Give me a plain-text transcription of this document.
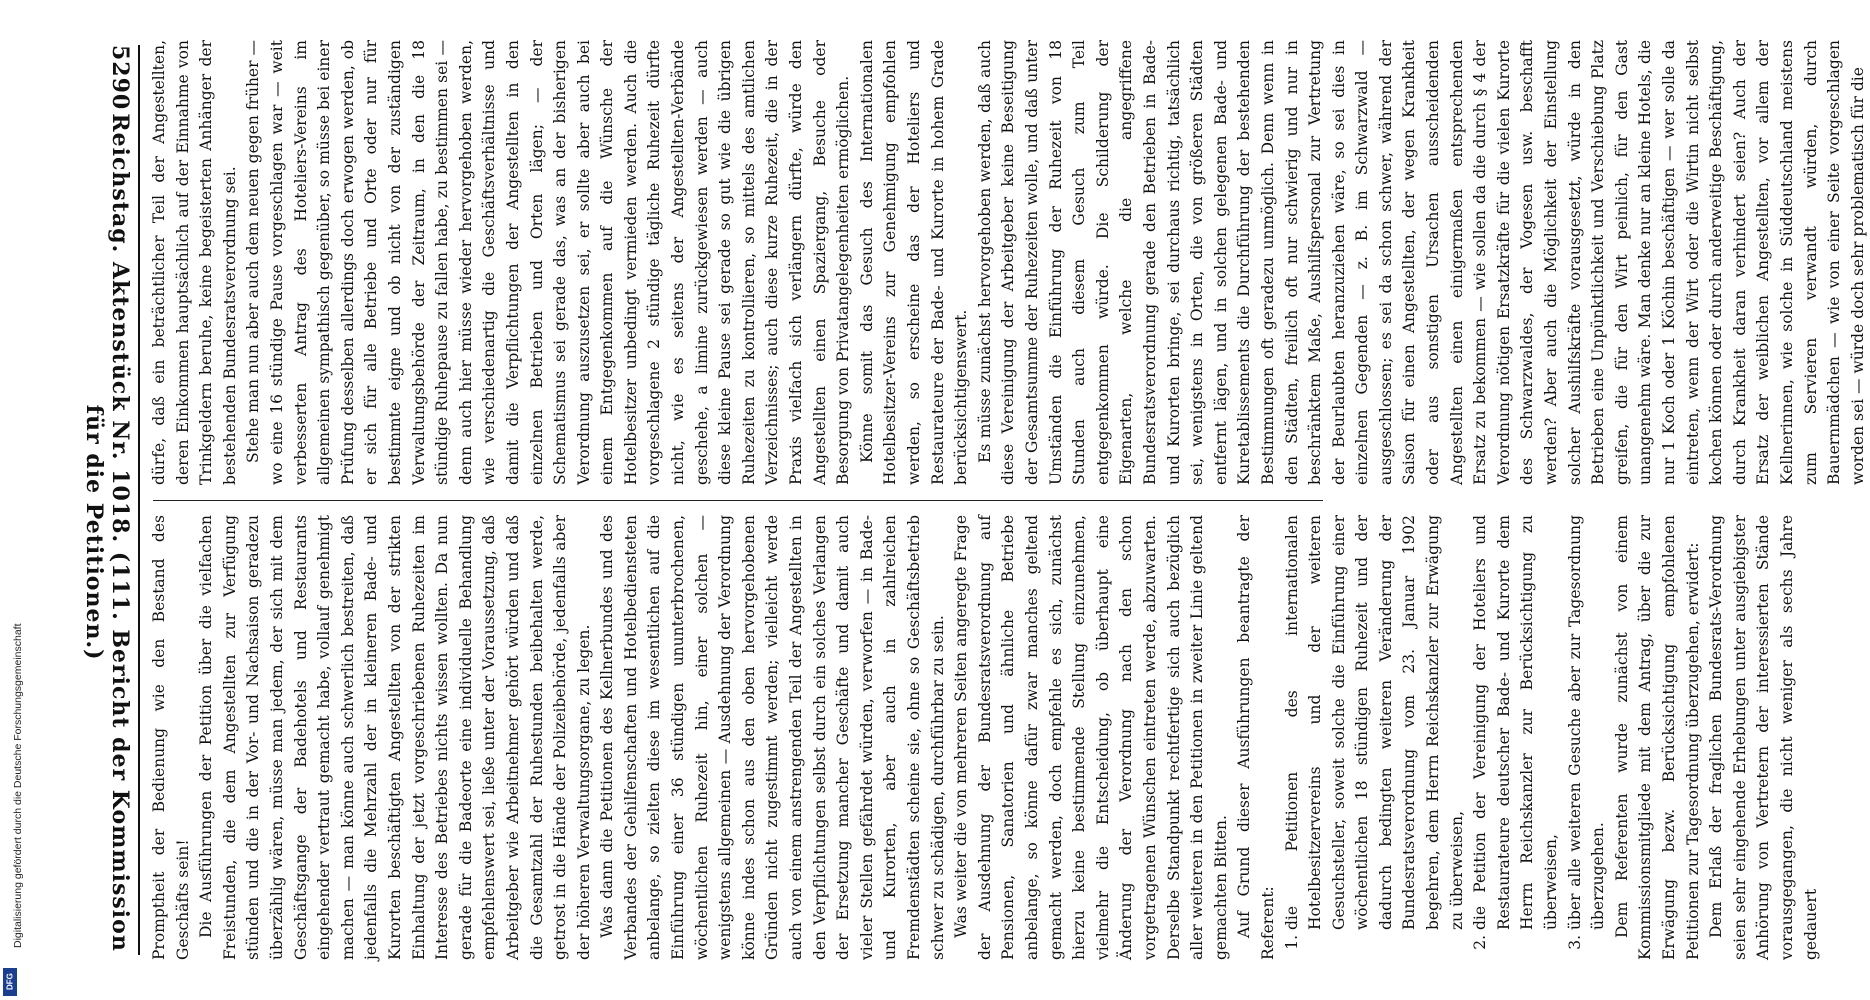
Digitalisierung gefördert durch die Deutsche Forschungsgemeinschaft
DFG
5290
Reichstag. Aktenstück Nr. 1018. (111. Bericht der Kommission für die Petitionen.)

dürfe, daß ein beträchtlicher Teil der Angestellten, deren Einkommen hauptsächlich auf der Einnahme von Trinkgeldern beruhe, keine begeisterten Anhänger der bestehenden Bundesratsverordnung sei. Stehe man nun aber auch dem neuen gegen früher — wo eine 16 stündige Pause vorgeschlagen war — weit verbesserten Antrag des Hoteliers-Vereins im allgemeinen sympathisch gegenüber, so müsse bei einer Prüfung desselben allerdings doch erwogen werden, ob er sich für alle Betriebe und Orte oder nur für bestimmte eigne und ob nicht von der zuständigen Verwaltungsbehörde der Zeitraum, in den die 18 stündige Ruhepause zu fallen habe, zu bestimmen sei — denn auch hier müsse wieder hervorgehoben werden, wie verschiedenartig die Geschäftsverhältnisse und damit die Verpflichtungen der Angestellten in den einzelnen Betrieben und Orten lägen; — der Schematismus sei gerade das, was an der bisherigen Verordnung auszusetzen sei, er sollte aber auch bei einem Entgegenkommen auf die Wünsche der Hotelbesitzer unbedingt vermieden werden. Auch die vorgeschlagene 2 stündige tägliche Ruhezeit dürfte nicht, wie es seitens der Angestellten-Verbände geschehe, a limine zurückgewiesen werden — auch diese kleine Pause sei gerade so gut wie die übrigen Ruhezeiten zu kontrollieren, so mittels des amtlichen Verzeichnisses; auch diese kurze Ruhezeit, die in der Praxis vielfach sich verlängern dürfte, würde den Angestellten einen Spaziergang, Besuche oder Besorgung von Privatangelegenheiten ermöglichen. Könne somit das Gesuch des Internationalen Hotelbesitzer-Vereins zur Genehmigung empfohlen werden, so erscheine das der Hoteliers und Restaurateure der Bade- und Kurorte in hohem Grade berücksichtigenswert. Es müsse zunächst hervorgehoben werden, daß auch diese Vereinigung der Arbeitgeber keine Beseitigung der Gesamtsumme der Ruhezeiten wolle, und daß unter Umständen die Einführung der Ruhezeit von 18 Stunden auch diesem Gesuch zum Teil entgegenkommen würde. Die Schilderung der Eigenarten, welche die angegriffene Bundesratsverordnung gerade den Betrieben in Bade- und Kurorten bringe, sei durchaus richtig, tatsächlich sei, wenigstens in Orten, die von größeren Städten entfernt lägen, und in solchen gelegenen Bade- und Kuretablissements die Durchführung der bestehenden Bestimmungen oft geradezu unmöglich. Denn wenn in den Städten, freilich oft nur schwierig und nur in beschränktem Maße, Aushilfspersonal zur Vertretung der Beurlaubten heranzuziehen wäre, so sei dies in einzelnen Gegenden — z. B. im Schwarzwald — ausgeschlossen; es sei da schon schwer, während der Saison für einen Angestellten, der wegen Krankheit oder aus sonstigen Ursachen ausscheidenden Angestellten einen einigermaßen entsprechenden Ersatz zu bekommen — wie sollen da die durch § 4 der Verordnung nötigen Ersatzkräfte für die vielen Kurorte des Schwarzwaldes, der Vogesen usw. beschafft werden? Aber auch die Möglichkeit der Einstellung solcher Aushilfskräfte vorausgesetzt, würde in den Betrieben eine Unpünktlichkeit und Verschiebung Platz greifen, die für den Wirt peinlich, für den Gast unangenehm wäre. Man denke nur an kleine Hotels, die nur 1 Koch oder 1 Köchin beschäftigen — wer solle da eintreten, wenn der Wirt oder die Wirtin nicht selbst kochen können oder durch anderweitige Beschäftigung, durch Krankheit daran verhindert seien? Auch der Ersatz der weiblichen Angestellten, vor allem der Kellnerinnen, wie solche in Süddeutschland meistens zum Servieren verwandt würden, durch Bauernmädchen — wie von einer Seite vorgeschlagen worden sei — würde doch sehr problematisch für die

Promptheit der Bedienung wie den Bestand des Geschäfts sein! Die Ausführungen der Petition über die vielfachen Freistunden, die dem Angestellten zur Verfügung stünden und die in der Vor- und Nachsaison geradezu überzählig wären, müsse man jedem, der sich mit dem Geschäftsgange der Badehotels und Restaurants eingehender vertraut gemacht habe, vollauf genehmigt machen — man könne auch schwerlich bestreiten, daß jedenfalls die Mehrzahl der in kleineren Bade- und Kurorten beschäftigten Angestellten von der strikten Einhaltung der jetzt vorgeschriebenen Ruhezeiten im Interesse des Betriebes nichts wissen wollten. Da nun gerade für die Badeorte eine individuelle Behandlung empfehlenswert sei, ließe unter der Voraussetzung, daß Arbeitgeber wie Arbeitnehmer gehört würden und daß die Gesamtzahl der Ruhestunden beibehalten werde, getrost in die Hände der Polizeibehörde, jedenfalls aber der höheren Verwaltungsorgane, zu legen. Was dann die Petitionen des Kellnerbundes und des Verbandes der Gehilfenschaften und Hotelbediensteten anbelange, so zielten diese im wesentlichen auf die Einführung einer 36 stündigen ununterbrochenen, wöchentlichen Ruhezeit hin, einer solchen — wenigstens allgemeinen — Ausdehnung der Verordnung könne indes schon aus den oben hervorgehobenen Gründen nicht zugestimmt werden; vielleicht werde auch von einem anstrengenden Teil der Angestellten in den Verpflichtungen selbst durch ein solches Verlangen der Ersetzung mancher Geschäfte und damit auch vieler Stellen gefährdet würden, verworfen — in Bade- und Kurorten, aber auch in zahlreichen Fremdenstädten scheine sie, ohne so Geschäftsbetrieb schwer zu schädigen, durchführbar zu sein. Was weiter die von mehreren Seiten angeregte Frage der Ausdehnung der Bundesratsverordnung auf Pensionen, Sanatorien und ähnliche Betriebe anbelange, so könne dafür zwar manches geltend gemacht werden, doch empfehle es sich, zunächst hierzu keine bestimmende Stellung einzunehmen, vielmehr die Entscheidung, ob überhaupt eine Änderung der Verordnung nach den schon vorgetragenen Wünschen eintreten werde, abzuwarten. Derselbe Standpunkt rechtfertige sich auch bezüglich aller weiteren in den Petitionen in zweiter Linie geltend gemachten Bitten. Auf Grund dieser Ausführungen beantragte der Referent: 1. die Petitionen des internationalen Hotelbesitzervereins und der weiteren Gesuchsteller, soweit solche die Einführung einer wöchentlichen 18 stündigen Ruhezeit und der dadurch bedingten weiteren Veränderung der Bundesratsverordnung vom 23. Januar 1902 begehren, dem Herrn Reichskanzler zur Erwägung zu überweisen, 2. die Petition der Vereinigung der Hoteliers und Restaurateure deutscher Bade- und Kurorte dem Herrn Reichskanzler zur Berücksichtigung zu überweisen, 3. über alle weiteren Gesuche aber zur Tagesordnung überzugehen. Dem Referenten wurde zunächst von einem Kommissionsmitgliede mit dem Antrag, über die zur Erwägung bezw. Berücksichtigung empfohlenen Petitionen zur Tagesordnung überzugehen, erwidert: Dem Erlaß der fraglichen Bundesrats-Verordnung seien sehr eingehende Erhebungen unter ausgiebigster Anhörung von Vertretern der interessierten Stände vorausgegangen, die nicht weniger als sechs Jahre gedauert
